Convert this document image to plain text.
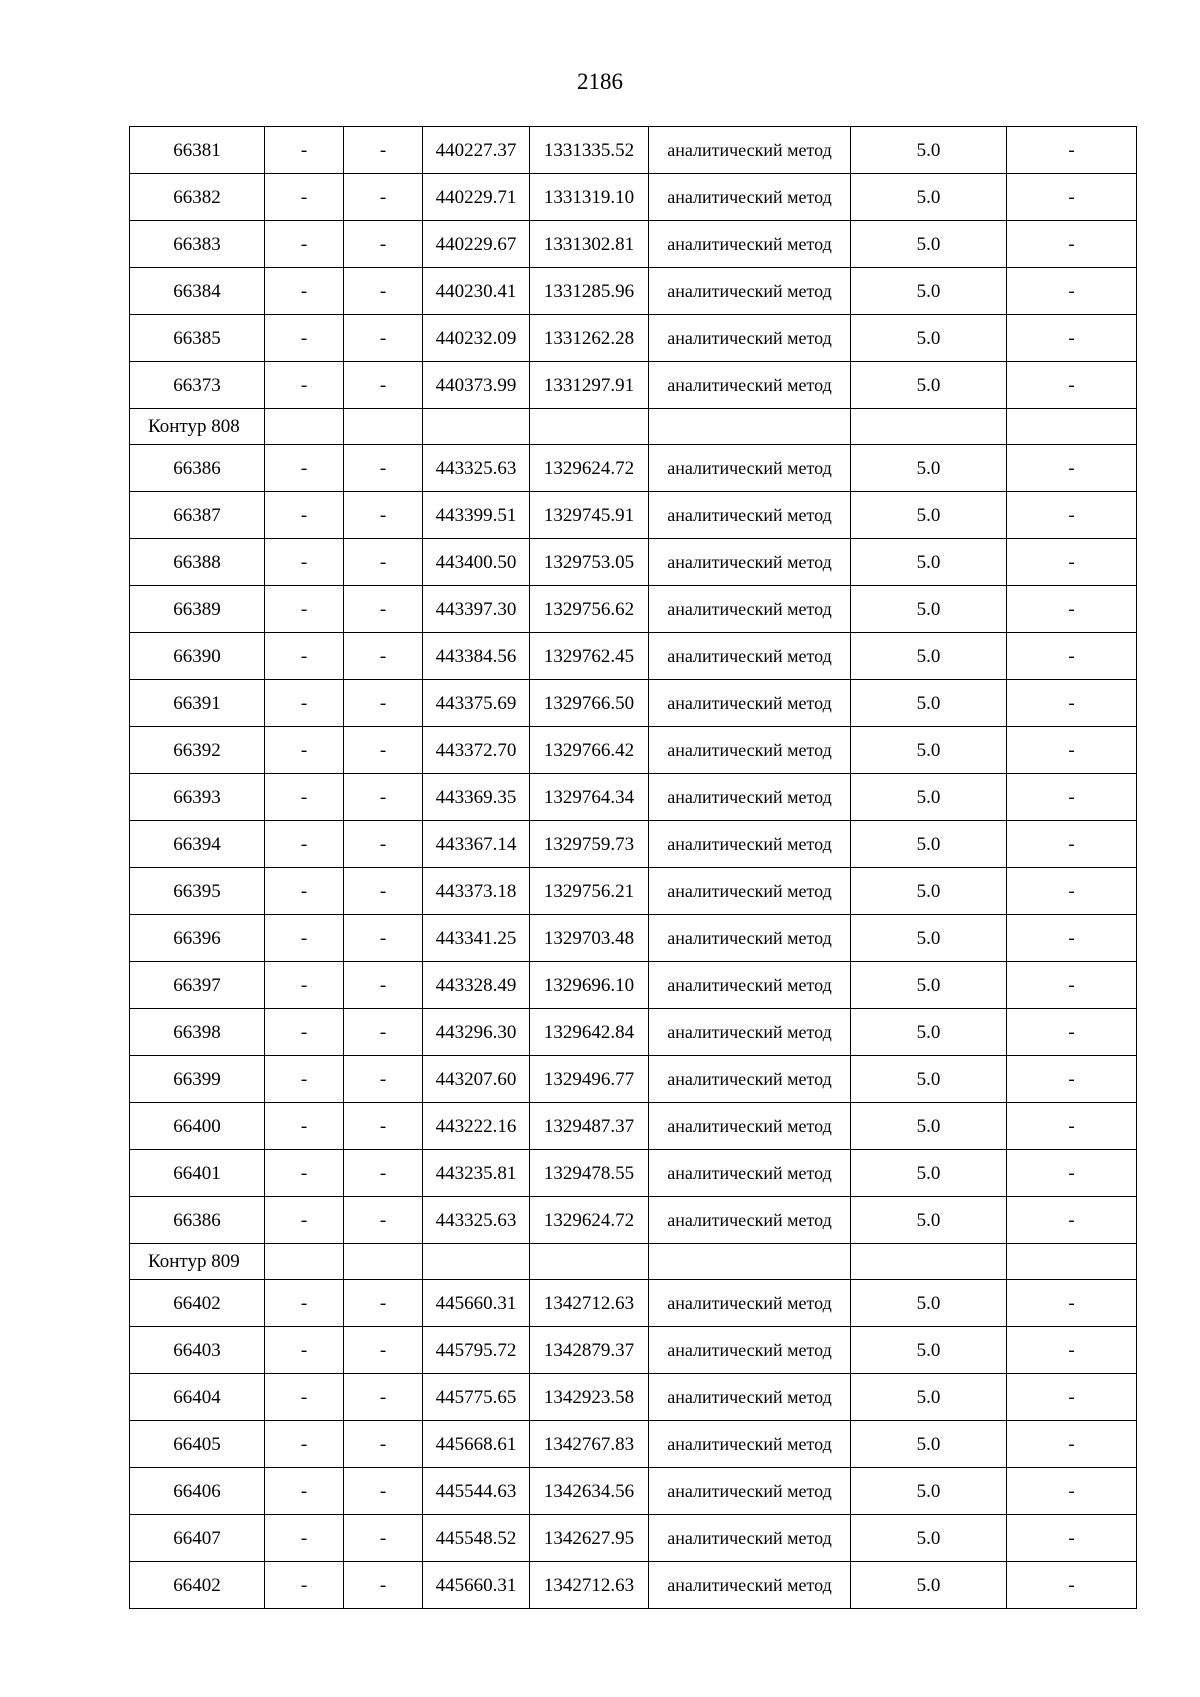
2186
66381	-	-	440227.37	1331335.52	аналитический метод	5.0	-
66382	-	-	440229.71	1331319.10	аналитический метод	5.0	-
66383	-	-	440229.67	1331302.81	аналитический метод	5.0	-
66384	-	-	440230.41	1331285.96	аналитический метод	5.0	-
66385	-	-	440232.09	1331262.28	аналитический метод	5.0	-
66373	-	-	440373.99	1331297.91	аналитический метод	5.0	-
Контур 808							
66386	-	-	443325.63	1329624.72	аналитический метод	5.0	-
66387	-	-	443399.51	1329745.91	аналитический метод	5.0	-
66388	-	-	443400.50	1329753.05	аналитический метод	5.0	-
66389	-	-	443397.30	1329756.62	аналитический метод	5.0	-
66390	-	-	443384.56	1329762.45	аналитический метод	5.0	-
66391	-	-	443375.69	1329766.50	аналитический метод	5.0	-
66392	-	-	443372.70	1329766.42	аналитический метод	5.0	-
66393	-	-	443369.35	1329764.34	аналитический метод	5.0	-
66394	-	-	443367.14	1329759.73	аналитический метод	5.0	-
66395	-	-	443373.18	1329756.21	аналитический метод	5.0	-
66396	-	-	443341.25	1329703.48	аналитический метод	5.0	-
66397	-	-	443328.49	1329696.10	аналитический метод	5.0	-
66398	-	-	443296.30	1329642.84	аналитический метод	5.0	-
66399	-	-	443207.60	1329496.77	аналитический метод	5.0	-
66400	-	-	443222.16	1329487.37	аналитический метод	5.0	-
66401	-	-	443235.81	1329478.55	аналитический метод	5.0	-
66386	-	-	443325.63	1329624.72	аналитический метод	5.0	-
Контур 809							
66402	-	-	445660.31	1342712.63	аналитический метод	5.0	-
66403	-	-	445795.72	1342879.37	аналитический метод	5.0	-
66404	-	-	445775.65	1342923.58	аналитический метод	5.0	-
66405	-	-	445668.61	1342767.83	аналитический метод	5.0	-
66406	-	-	445544.63	1342634.56	аналитический метод	5.0	-
66407	-	-	445548.52	1342627.95	аналитический метод	5.0	-
66402	-	-	445660.31	1342712.63	аналитический метод	5.0	-
